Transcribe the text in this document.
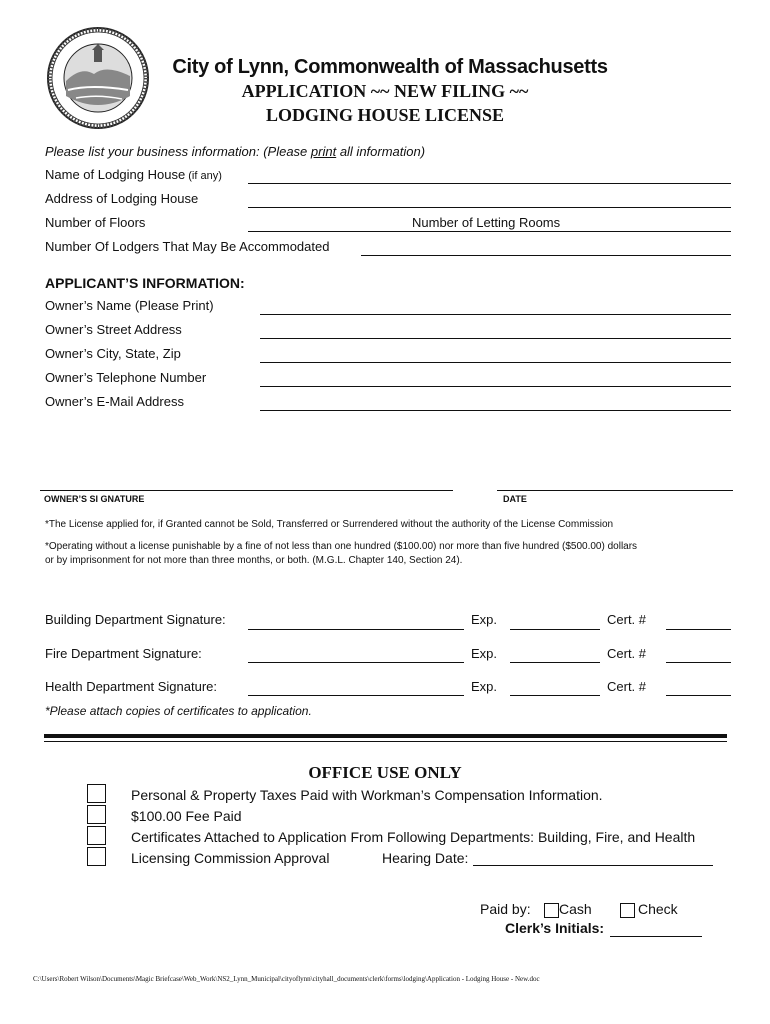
City of Lynn, Commonwealth of Massachusetts
APPLICATION ~~ NEW FILING ~~
LODGING HOUSE LICENSE
Please list your business information: (Please print all information)
Name of Lodging House (if any)
Address of Lodging House
Number of Floors	Number of Letting Rooms
Number Of Lodgers That May Be Accommodated
APPLICANT’S INFORMATION:
Owner’s Name (Please Print)
Owner’s Street Address
Owner’s City, State, Zip
Owner’s Telephone Number
Owner’s E-Mail Address
OWNER’S SI GNATURE	DATE
*The License applied for, if Granted cannot be Sold, Transferred or Surrendered without the authority of the License Commission
*Operating without a license punishable by a fine of not less than one hundred ($100.00) nor more than five hundred ($500.00) dollars
or by imprisonment for not more than three months, or both. (M.G.L. Chapter 140, Section 24).
Building Department Signature:	Exp.	Cert. #
Fire Department Signature:	Exp.	Cert. #
Health Department Signature:	Exp.	Cert. #
*Please attach copies of certificates to application.
OFFICE USE ONLY
Personal & Property Taxes Paid with Workman’s Compensation Information.
$100.00 Fee Paid
Certificates Attached to Application From Following Departments: Building, Fire, and Health
Licensing Commission Approval	Hearing Date:
Paid by: Cash	Check
Clerk’s Initials:
C:\Users\Robert Wilson\Documents\Magic Briefcase\Web_Work\NS2_Lynn_Municipal\cityoflynn\cityhall_documents\clerk\forms\lodging\Application - Lodging House - New.doc
